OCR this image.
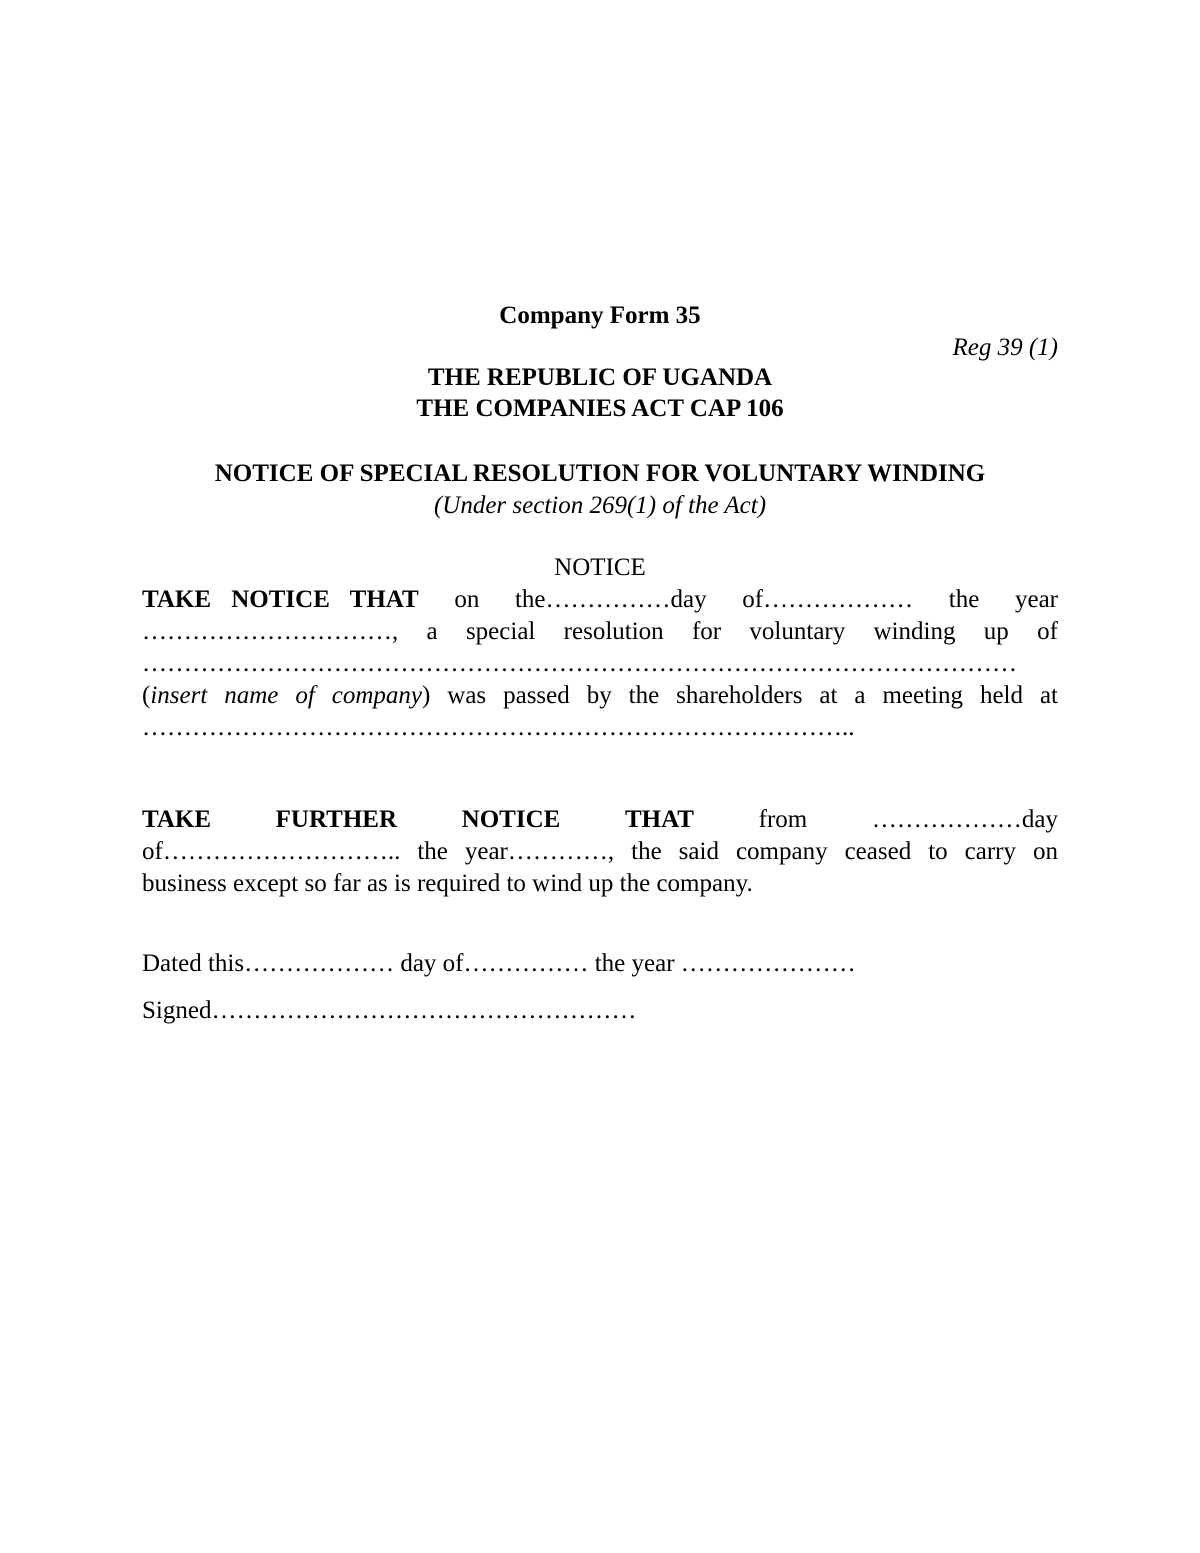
Company Form 35
Reg 39 (1)
THE REPUBLIC OF UGANDA
THE COMPANIES ACT CAP 106
NOTICE OF SPECIAL RESOLUTION FOR VOLUNTARY WINDING
(Under section 269(1) of the Act)
NOTICE
TAKE NOTICE THAT on the……………day of……………… the year
…………………………, a special resolution for voluntary winding up of
……………………………………………………………………………………………
(insert name of company) was passed by the shareholders at a meeting held at
…………………………………………………………………………..
TAKE	FURTHER	NOTICE	THAT	from	………………day
of……………………….. the year…………, the said company ceased to carry on
business except so far as is required to wind up the company.
Dated this……………… day of…………… the year …………………
Signed……………………………………………
